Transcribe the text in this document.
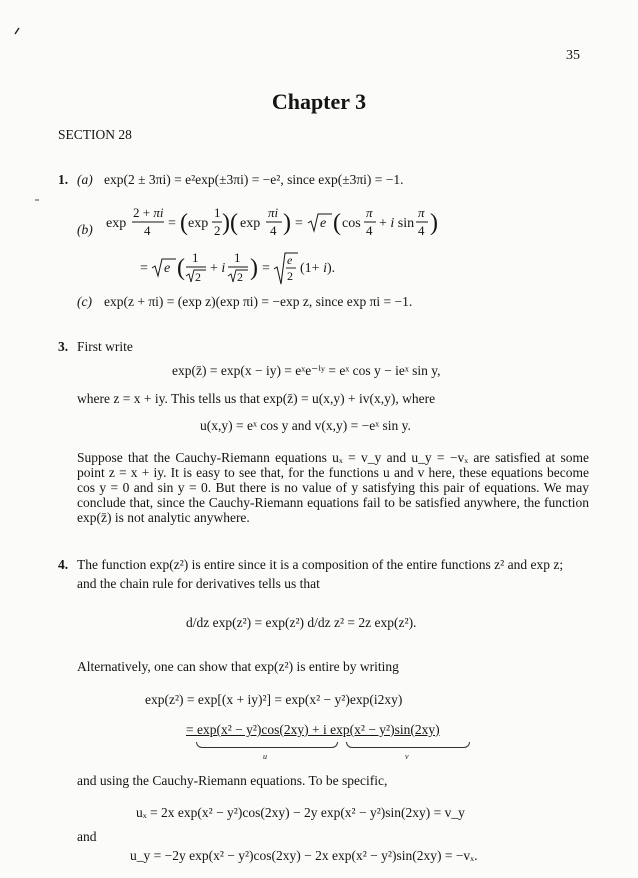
35
Chapter 3
SECTION 28
1. (a) exp(2 ± 3πi) = e²exp(±3πi) = −e², since exp(±3πi) = −1.
(b) exp
2 + πi
4 = ( exp
1
2 )( exp
πi
4 ) = e ( cos
π
4 + i sin
π
4 )
= e ( 1
2
+ i
1
2 ) =
e
2 (1+ i).
(c) exp(z + πi) = (exp z)(exp πi) = −exp z, since exp πi = −1.
3. First write
exp(z̄) = exp(x − iy) = eˣe⁻ⁱʸ = eˣ cos y − ieˣ sin y,
where z = x + iy. This tells us that exp(z̄) = u(x,y) + iv(x,y), where
u(x,y) = eˣ cos y and v(x,y) = −eˣ sin y.
Suppose that the Cauchy-Riemann equations uₓ = v_y and u_y = −vₓ are satisfied at some point z = x + iy. It is easy to see that, for the functions u and v here, these equations become cos y = 0 and sin y = 0. But there is no value of y satisfying this pair of equations. We may conclude that, since the Cauchy-Riemann equations fail to be satisfied anywhere, the function exp(z̄) is not analytic anywhere.
4. The function exp(z²) is entire since it is a composition of the entire functions z² and exp z;
and the chain rule for derivatives tells us that
d/dz exp(z²) = exp(z²) d/dz z² = 2z exp(z²).
Alternatively, one can show that exp(z²) is entire by writing
exp(z²) = exp[(x + iy)²] = exp(x² − y²)exp(i2xy)
= exp(x² − y²)cos(2xy) + i exp(x² − y²)sin(2xy)
u	v
and using the Cauchy-Riemann equations. To be specific,
uₓ = 2x exp(x² − y²)cos(2xy) − 2y exp(x² − y²)sin(2xy) = v_y
and
u_y = −2y exp(x² − y²)cos(2xy) − 2x exp(x² − y²)sin(2xy) = −vₓ.
